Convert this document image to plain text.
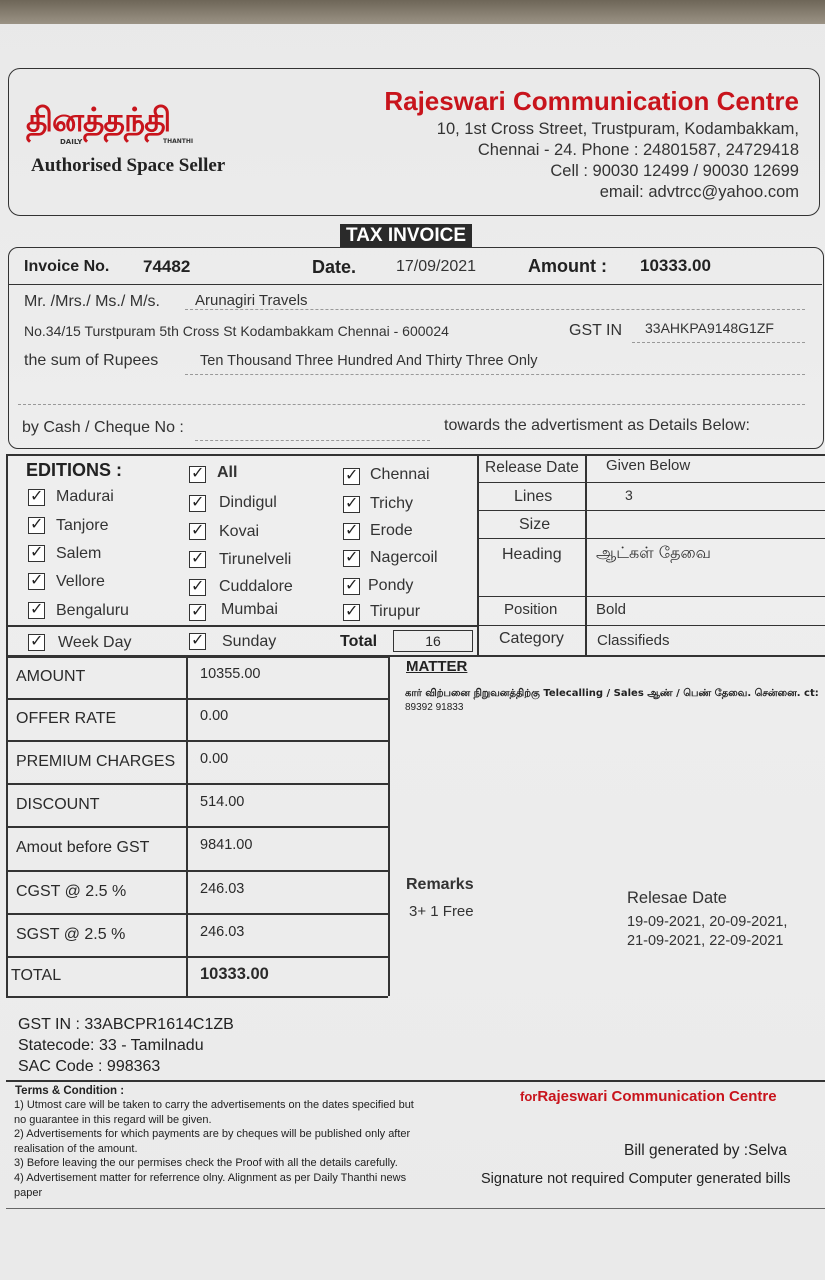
தினத்தந்தி
DAILY	THANTHI
Authorised Space Seller
Rajeswari Communication Centre
10, 1st Cross Street, Trustpuram, Kodambakkam,
Chennai - 24. Phone : 24801587, 24729418
Cell : 90030 12499 / 90030 12699
email: advtrcc@yahoo.com
TAX INVOICE
Invoice No. 74482	Date. 17/09/2021	Amount : 10333.00
Mr. /Mrs./ Ms./ M/s. Arunagiri Travels
No.34/15 Turstpuram 5th Cross St Kodambakkam Chennai - 600024	GST IN 33AHKPA9148G1ZF
the sum of Rupees	Ten Thousand Three Hundred And Thirty Three Only
by Cash / Cheque No :	towards the advertisment as Details Below:
EDITIONS :
✓ Madurai
✓ Tanjore
✓ Salem
✓ Vellore
✓ Bengaluru
✓ All
✓ Dindigul
✓ Kovai
✓ Tirunelveli
✓ Cuddalore
✓ Mumbai
✓ Chennai
✓ Trichy
✓ Erode
✓ Nagercoil
✓ Pondy
✓ Tirupur
✓ Week Day	✓ Sunday	Total	16
Release Date Given Below
Lines	3
Size
Heading ஆட்கள் தேவை
Position	Bold
Category Classifieds
AMOUNT	10355.00
OFFER RATE	0.00
PREMIUM CHARGES 0.00
DISCOUNT	514.00
Amout before GST	9841.00
CGST @ 2.5 %	246.03
SGST @ 2.5 %	246.03
TOTAL	10333.00
MATTER
கார் விற்பனை நிறுவனத்திற்கு Telecalling / Sales ஆண் / பெண் தேவை. சென்னை. ct:
89392 91833
Remarks
3+ 1 Free
Relesae Date
19-09-2021, 20-09-2021,
21-09-2021, 22-09-2021
GST IN : 33ABCPR1614C1ZB
Statecode: 33 - Tamilnadu
SAC Code : 998363
Terms & Condition :
1) Utmost care will be taken to carry the advertisements on the dates specified but
no guarantee in this regard will be given.
2) Advertisements for which payments are by cheques will be published only after
realisation of the amount.
3) Before leaving the our permises check the Proof with all the details carefully.
4) Advertisement matter for referrence olny. Alignment as per Daily Thanthi news
paper
forRajeswari Communication Centre
Bill generated by :Selva
Signature not required Computer generated bills
